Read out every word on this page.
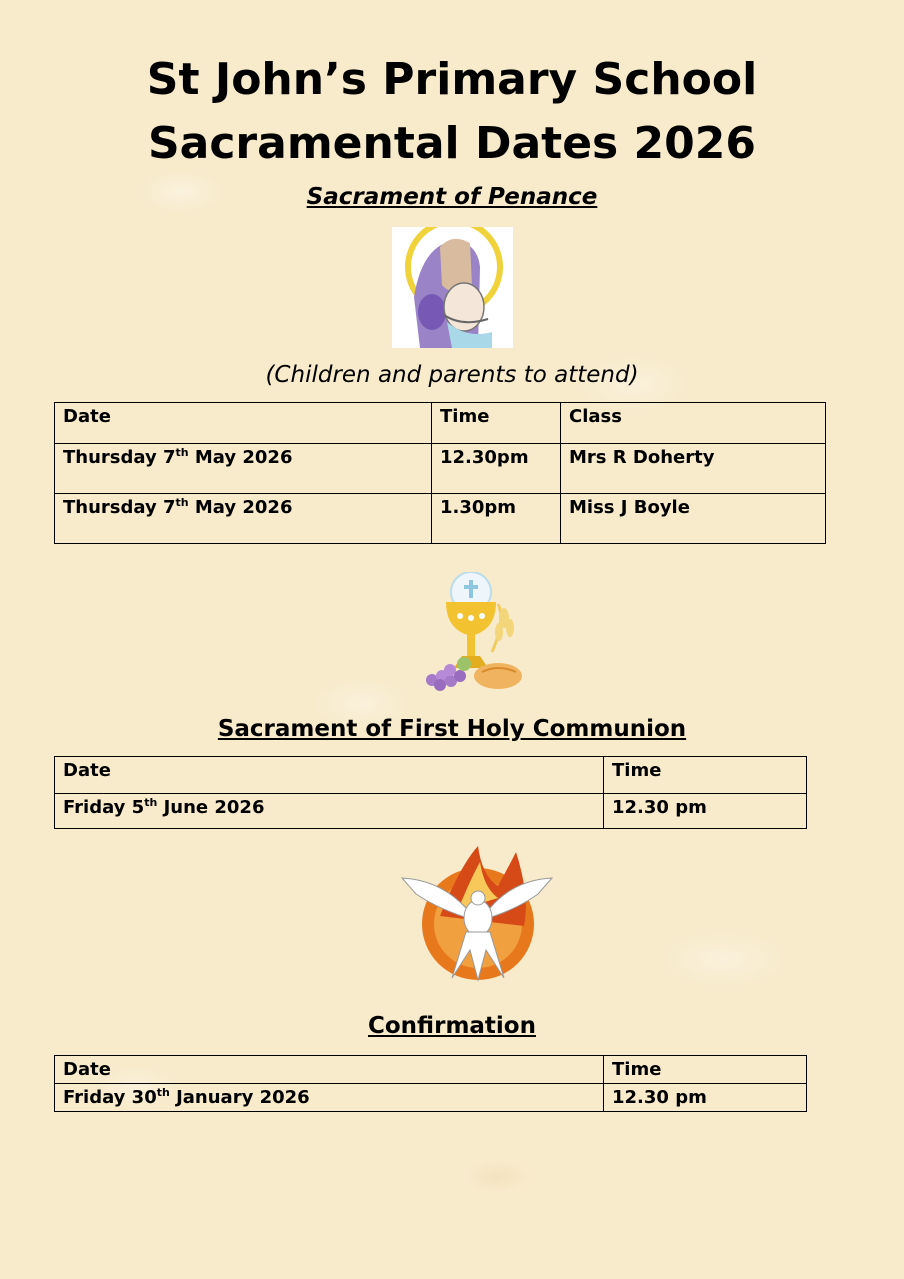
St John’s Primary School
Sacramental Dates 2026
Sacrament of Penance

(Children and parents to attend)

Date	Time	Class
Thursday 7th May 2026	12.30pm	Mrs R Doherty
Thursday 7th May 2026	1.30pm	Miss J Boyle
Sacrament of First Holy Communion
Date	Time
Friday 5th June 2026	12.30 pm
Confirmation
Date	Time
Friday 30th January 2026	12.30 pm
